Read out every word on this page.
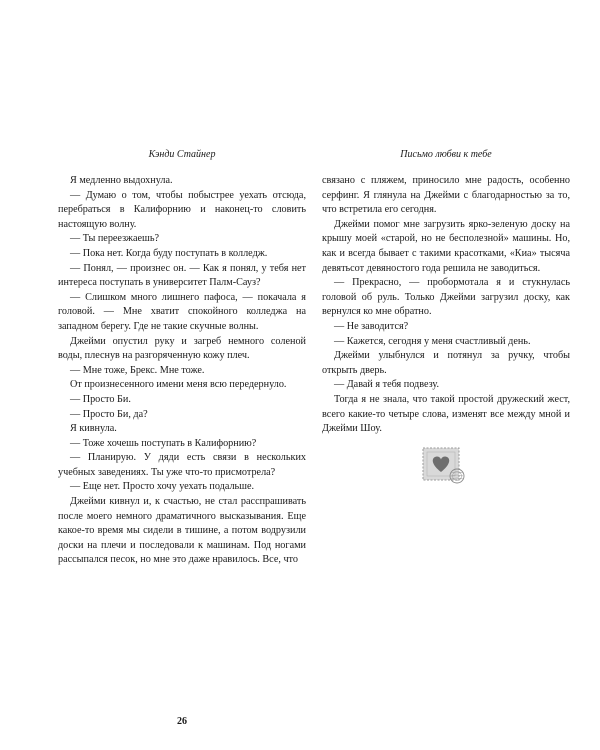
Кэнди Стайнер

Я медленно выдохнула.

— Думаю о том, чтобы побыстрее уехать отсюда, перебраться в Калифорнию и наконец-то словить настоящую волну.

— Ты переезжаешь?

— Пока нет. Когда буду поступать в колледж.

— Понял, — произнес он. — Как я понял, у тебя нет интереса поступать в университет Палм-Сауз?

— Слишком много лишнего пафоса, — покачала я головой. — Мне хватит спокойного колледжа на западном берегу. Где не такие скучные волны.

Джейми опустил руку и загреб немного соленой воды, плеснув на разгоряченную кожу плеч.

— Мне тоже, Брекс. Мне тоже.

От произнесенного имени меня всю передернуло.

— Просто Би.

— Просто Би, да?

Я кивнула.

— Тоже хочешь поступать в Калифорнию?

— Планирую. У дяди есть связи в нескольких учебных заведениях. Ты уже что-то присмотрела?

— Еще нет. Просто хочу уехать подальше.

Джейми кивнул и, к счастью, не стал расспрашивать после моего немного драматичного высказывания. Еще какое-то время мы сидели в тишине, а потом водрузили доски на плечи и последовали к машинам. Под ногами рассыпался песок, но мне это даже нравилось. Все, что

26
Письмо любви к тебе

связано с пляжем, приносило мне радость, особенно серфинг. Я глянула на Джейми с благодарностью за то, что встретила его сегодня.

Джейми помог мне загрузить ярко-зеленую доску на крышу моей «старой, но не бесполезной» машины. Но, как и всегда бывает с такими красотками, «Киа» тысяча девятьсот девяностого года решила не заводиться.

— Прекрасно, — пробормотала я и стукнулась головой об руль. Только Джейми загрузил доску, как вернулся ко мне обратно.

— Не заводится?

— Кажется, сегодня у меня счастливый день.

Джейми улыбнулся и потянул за ручку, чтобы открыть дверь.

— Давай я тебя подвезу.

Тогда я не знала, что такой простой дружеский жест, всего какие-то четыре слова, изменят все между мной и Джейми Шоу.
